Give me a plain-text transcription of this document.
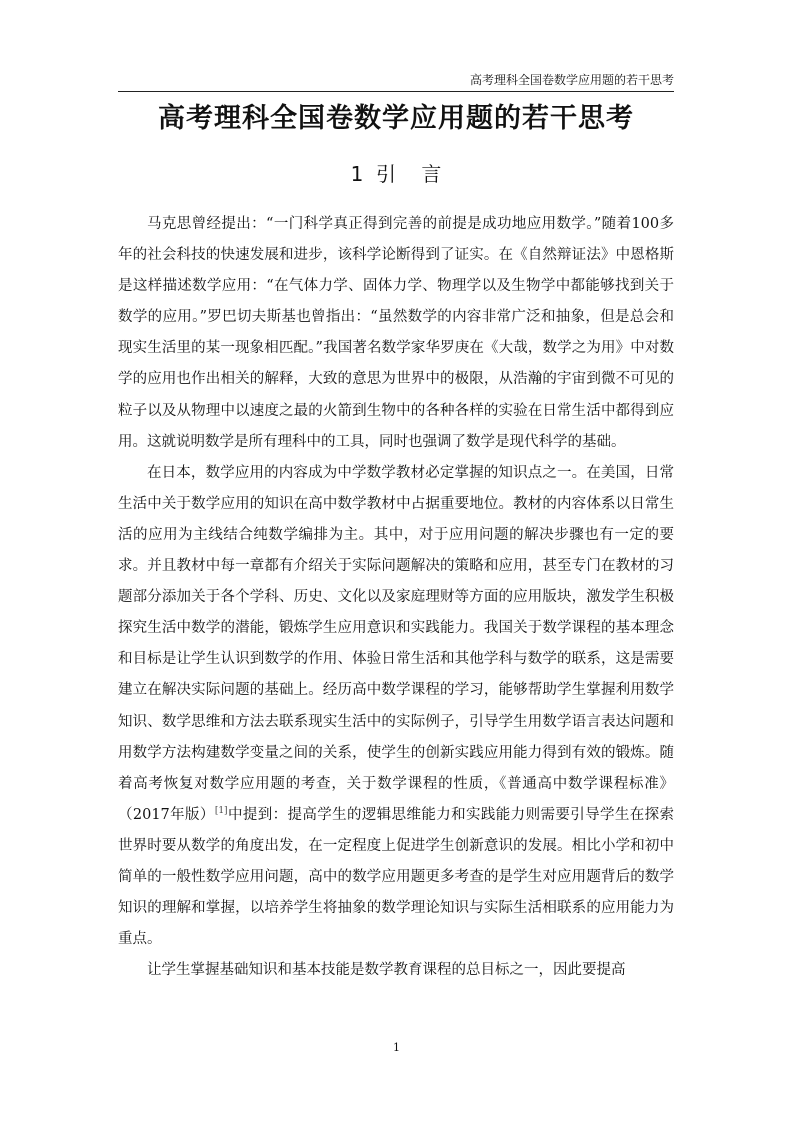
高考理科全国卷数学应用题的若干思考
高考理科全国卷数学应用题的若干思考
1  引    言

马克思曾经提出：“一门科学真正得到完善的前提是成功地应用数学。”随着100多年的社会科技的快速发展和进步，该科学论断得到了证实。在《自然辩证法》中恩格斯是这样描述数学应用：“在气体力学、固体力学、物理学以及生物学中都能够找到关于数学的应用。”罗巴切夫斯基也曾指出：“虽然数学的内容非常广泛和抽象，但是总会和现实生活里的某一现象相匹配。”我国著名数学家华罗庚在《大哉，数学之为用》中对数学的应用也作出相关的解释，大致的意思为世界中的极限，从浩瀚的宇宙到微不可见的粒子以及从物理中以速度之最的火箭到生物中的各种各样的实验在日常生活中都得到应用。这就说明数学是所有理科中的工具，同时也强调了数学是现代科学的基础。

在日本，数学应用的内容成为中学数学教材必定掌握的知识点之一。在美国，日常生活中关于数学应用的知识在高中数学教材中占据重要地位。教材的内容体系以日常生活的应用为主线结合纯数学编排为主。其中，对于应用问题的解决步骤也有一定的要求。并且教材中每一章都有介绍关于实际问题解决的策略和应用，甚至专门在教材的习题部分添加关于各个学科、历史、文化以及家庭理财等方面的应用版块，激发学生积极探究生活中数学的潜能，锻炼学生应用意识和实践能力。我国关于数学课程的基本理念和目标是让学生认识到数学的作用、体验日常生活和其他学科与数学的联系，这是需要建立在解决实际问题的基础上。经历高中数学课程的学习，能够帮助学生掌握利用数学知识、数学思维和方法去联系现实生活中的实际例子，引导学生用数学语言表达问题和用数学方法构建数学变量之间的关系，使学生的创新实践应用能力得到有效的锻炼。随着高考恢复对数学应用题的考查，关于数学课程的性质，《普通高中数学课程标准》（2017年版）[1]中提到：提高学生的逻辑思维能力和实践能力则需要引导学生在探索世界时要从数学的角度出发，在一定程度上促进学生创新意识的发展。相比小学和初中简单的一般性数学应用问题，高中的数学应用题更多考查的是学生对应用题背后的数学知识的理解和掌握，以培养学生将抽象的数学理论知识与实际生活相联系的应用能力为重点。

让学生掌握基础知识和基本技能是数学教育课程的总目标之一，因此要提高

1
